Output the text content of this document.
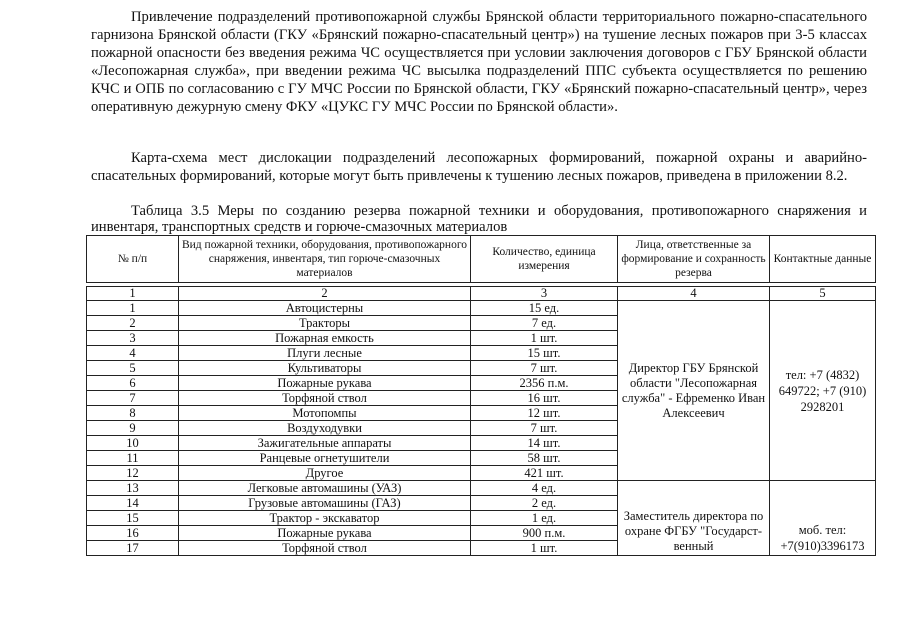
Привлечение подразделений противопожарной службы Брянской области территориального пожарно-спасательного гарнизона Брянской области (ГКУ «Брянский пожарно-спасательный центр») на тушение лесных пожаров при 3-5 классах пожарной опасности без введения режима ЧС осуществляется при условии заключения договоров с ГБУ Брянской области «Лесопожарная служба», при введении режима ЧС высылка подразделений ППС субъекта осуществляется по решению КЧС и ОПБ по согласованию с ГУ МЧС России по Брянской области, ГКУ «Брянский пожарно-спасательный центр», через оперативную дежурную смену ФКУ «ЦУКС ГУ МЧС России по Брянской области».

Карта-схема мест дислокации подразделений лесопожарных формирований, пожарной охраны и аварийно-спасательных формирований, которые могут быть привлечены к тушению лесных пожаров, приведена в приложении 8.2.

Таблица 3.5 Меры по созданию резерва пожарной техники и оборудования, противопожарного снаряжения и инвентаря, транспортных средств и горюче-смазочных материалов

№ п/п	Вид пожарной техники, оборудования, противопожарного снаряжения, инвентаря, тип горюче-смазочных материалов	Количество, единица измерения	Лица, ответственные за формирование и сохранность резерва	Контактные данные

1	2	3	4	5
1	Автоцистерны	15 ед.	Директор ГБУ Брянской области "Лесопожарная служба" - Ефременко Иван Алексеевич	тел: +7 (4832) 649722; +7 (910) 2928201
2	Тракторы	7 ед.		
3	Пожарная емкость	1 шт.		
4	Плуги лесные	15 шт.		
5	Культиваторы	7 шт.		
6	Пожарные рукава	2356 п.м.		
7	Торфяной ствол	16 шт.		
8	Мотопомпы	12 шт.		
9	Воздуходувки	7 шт.		
10	Зажигательные аппараты	14 шт.		
11	Ранцевые огнетушители	58 шт.		
12	Другое	421 шт.		
13	Легковые автомашины (УАЗ)	4 ед.	Заместитель директора по охране ФГБУ "Государст-венный	моб. тел: +7(910)3396173
14	Грузовые автомашины (ГАЗ)	2 ед.		
15	Трактор - экскаватор	1 ед.		
16	Пожарные рукава	900 п.м.		
17	Торфяной ствол	1 шт.		
